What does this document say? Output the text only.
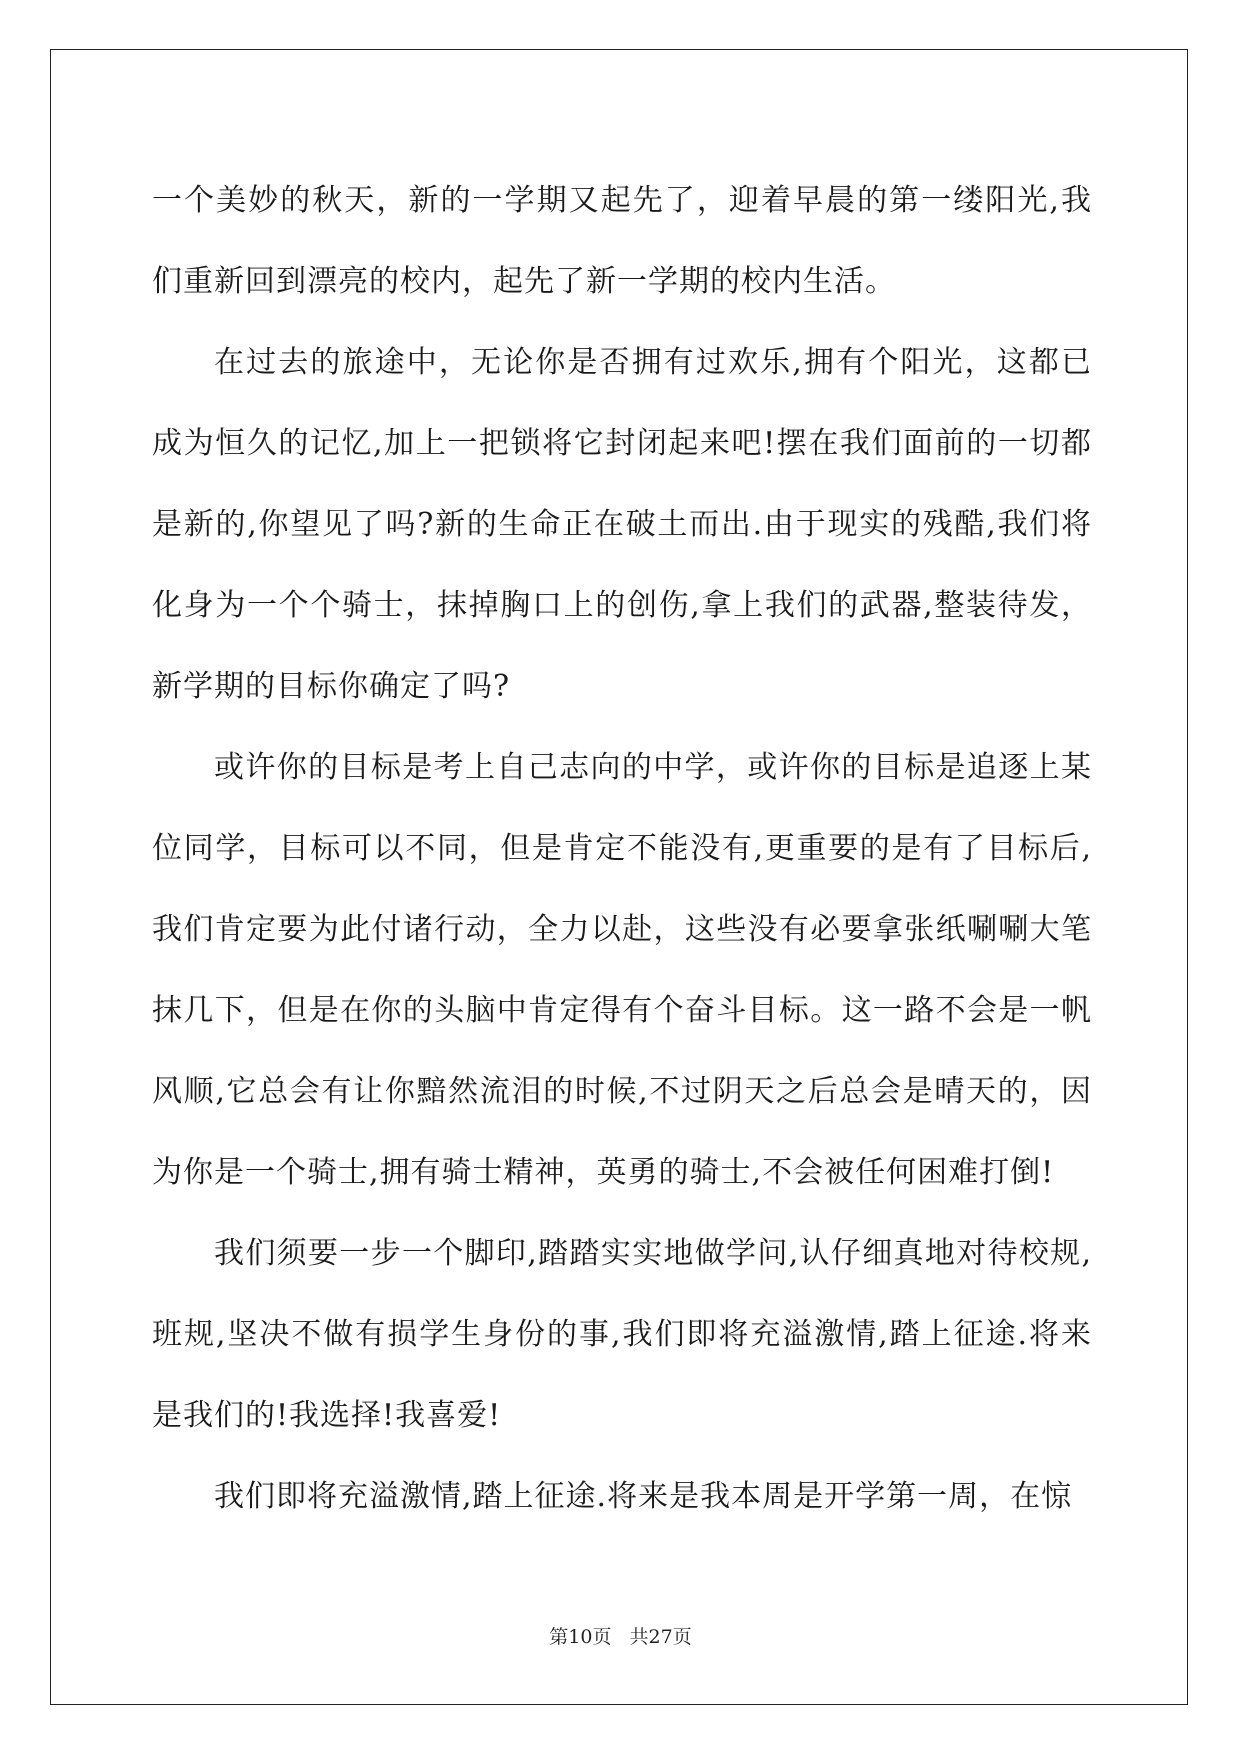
一个美妙的秋天，新的一学期又起先了，迎着早晨的第一缕阳光,我们重新回到漂亮的校内，起先了新一学期的校内生活。

在过去的旅途中，无论你是否拥有过欢乐,拥有个阳光，这都已成为恒久的记忆,加上一把锁将它封闭起来吧!摆在我们面前的一切都是新的,你望见了吗?新的生命正在破土而出.由于现实的残酷,我们将化身为一个个骑士，抹掉胸口上的创伤,拿上我们的武器,整装待发，新学期的目标你确定了吗?

或许你的目标是考上自己志向的中学，或许你的目标是追逐上某位同学，目标可以不同，但是肯定不能没有,更重要的是有了目标后,我们肯定要为此付诸行动，全力以赴，这些没有必要拿张纸唰唰大笔抹几下，但是在你的头脑中肯定得有个奋斗目标。这一路不会是一帆风顺,它总会有让你黯然流泪的时候,不过阴天之后总会是晴天的，因为你是一个骑士,拥有骑士精神，英勇的骑士,不会被任何困难打倒!

我们须要一步一个脚印,踏踏实实地做学问,认仔细真地对待校规,班规,坚决不做有损学生身份的事,我们即将充溢激情,踏上征途.将来是我们的!我选择!我喜爱!

我们即将充溢激情,踏上征途.将来是我本周是开学第一周，在惊

第10页 共27页
